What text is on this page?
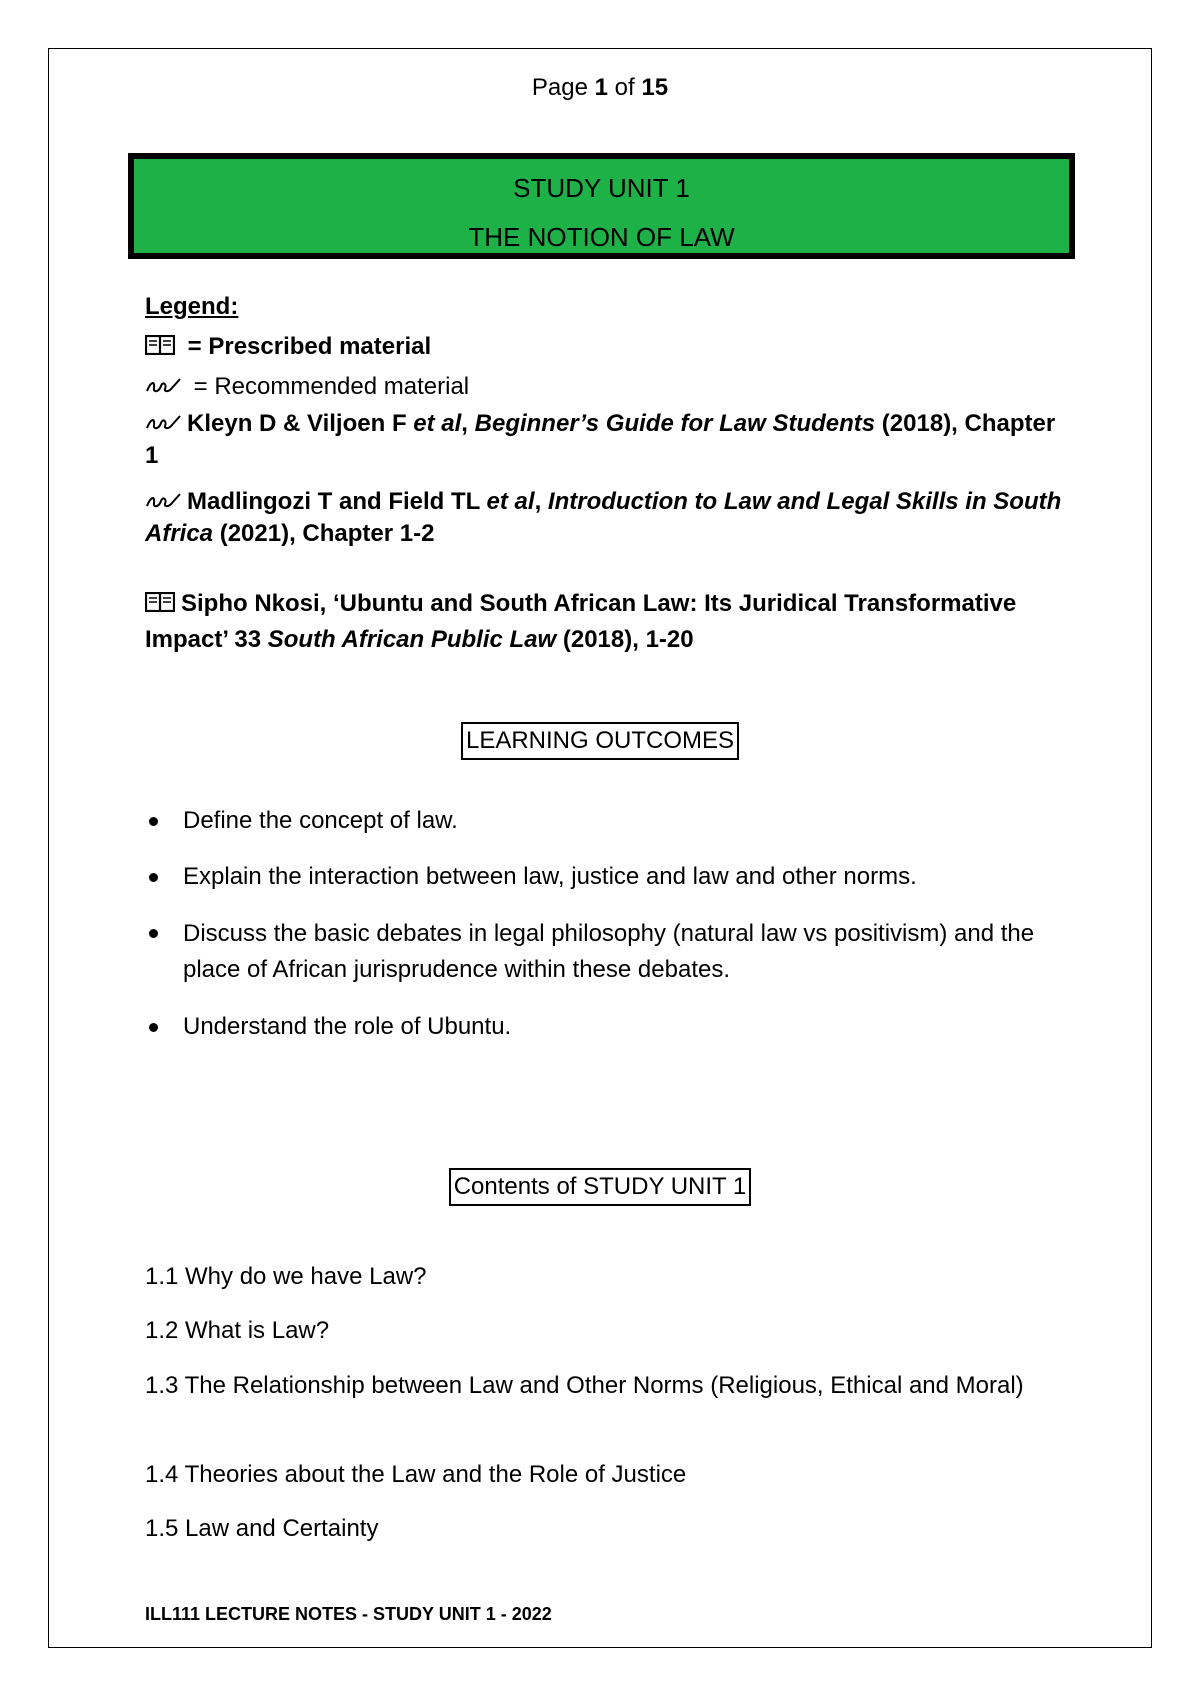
Page 1 of 15
STUDY UNIT 1
THE NOTION OF LAW
Legend:
= Prescribed material
= Recommended material
Kleyn D & Viljoen F et al, Beginner’s Guide for Law Students (2018), Chapter 1
Madlingozi T and Field TL et al, Introduction to Law and Legal Skills in South Africa (2021), Chapter 1-2
Sipho Nkosi, ‘Ubuntu and South African Law: Its Juridical Transformative Impact’ 33 South African Public Law (2018), 1-20
LEARNING OUTCOMES
Define the concept of law.
Explain the interaction between law, justice and law and other norms.
Discuss the basic debates in legal philosophy (natural law vs positivism) and the place of African jurisprudence within these debates.
Understand the role of Ubuntu.
Contents of STUDY UNIT 1
1.1 Why do we have Law?
1.2 What is Law?
1.3 The Relationship between Law and Other Norms (Religious, Ethical and Moral)
1.4 Theories about the Law and the Role of Justice
1.5 Law and Certainty
ILL111 LECTURE NOTES - STUDY UNIT 1 - 2022
